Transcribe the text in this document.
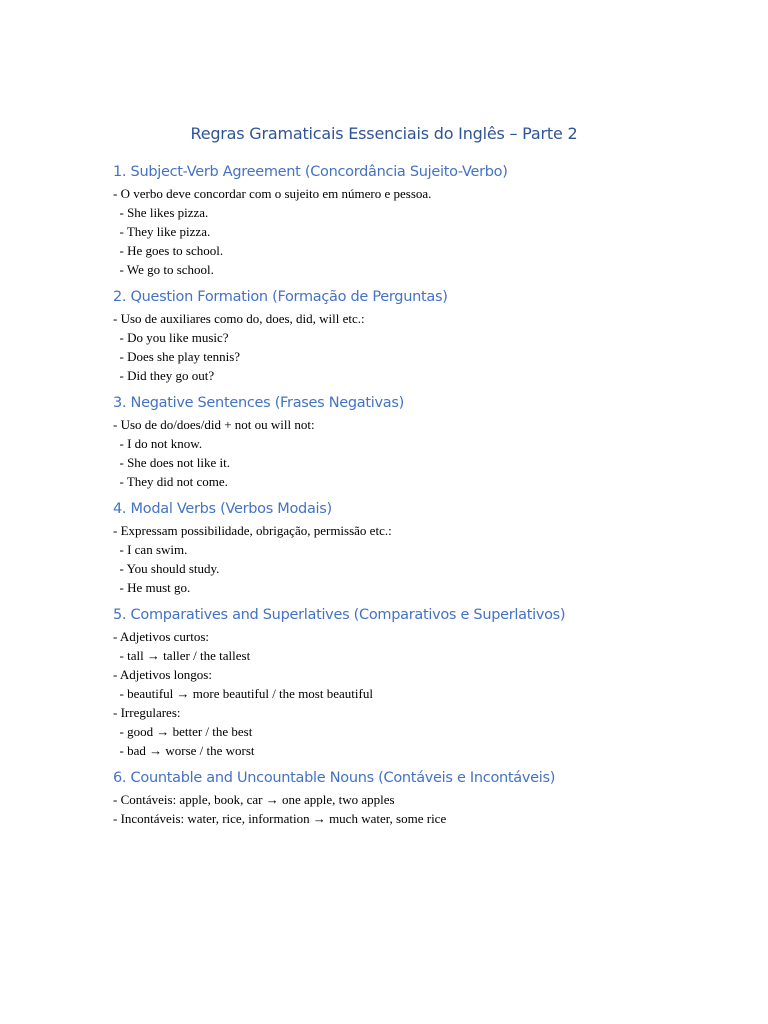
Regras Gramaticais Essenciais do Inglês – Parte 2
1. Subject-Verb Agreement (Concordância Sujeito-Verbo)
- O verbo deve concordar com o sujeito em número e pessoa.
- She likes pizza.
- They like pizza.
- He goes to school.
- We go to school.
2. Question Formation (Formação de Perguntas)
- Uso de auxiliares como do, does, did, will etc.:
- Do you like music?
- Does she play tennis?
- Did they go out?
3. Negative Sentences (Frases Negativas)
- Uso de do/does/did + not ou will not:
- I do not know.
- She does not like it.
- They did not come.
4. Modal Verbs (Verbos Modais)
- Expressam possibilidade, obrigação, permissão etc.:
- I can swim.
- You should study.
- He must go.
5. Comparatives and Superlatives (Comparativos e Superlativos)
- Adjetivos curtos:
- tall → taller / the tallest
- Adjetivos longos:
- beautiful → more beautiful / the most beautiful
- Irregulares:
- good → better / the best
- bad → worse / the worst
6. Countable and Uncountable Nouns (Contáveis e Incontáveis)
- Contáveis: apple, book, car → one apple, two apples
- Incontáveis: water, rice, information → much water, some rice
